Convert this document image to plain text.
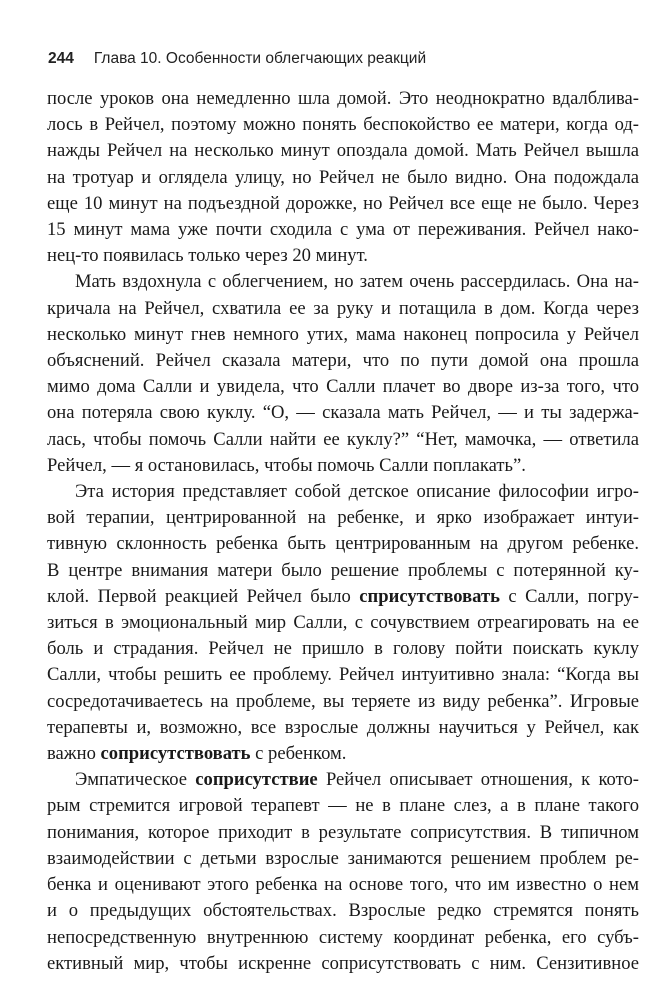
244 Глава 10. Особенности облегчающих реакций
после уроков она немедленно шла домой. Это неоднократно вдалблива-
лось в Рейчел, поэтому можно понять беспокойство ее матери, когда од-
нажды Рейчел на несколько минут опоздала домой. Мать Рейчел вышла
на тротуар и оглядела улицу, но Рейчел не было видно. Она подождала
еще 10 минут на подъездной дорожке, но Рейчел все еще не было. Через
15 минут мама уже почти сходила с ума от переживания. Рейчел нако-
нец-то появилась только через 20 минут.
Мать вздохнула с облегчением, но затем очень рассердилась. Она на-
кричала на Рейчел, схватила ее за руку и потащила в дом. Когда через
несколько минут гнев немного утих, мама наконец попросила у Рейчел
объяснений. Рейчел сказала матери, что по пути домой она прошла
мимо дома Салли и увидела, что Салли плачет во дворе из-за того, что
она потеряла свою куклу. “О, — сказала мать Рейчел, — и ты задержа-
лась, чтобы помочь Салли найти ее куклу?” “Нет, мамочка, — ответила
Рейчел, — я остановилась, чтобы помочь Салли поплакать”.
Эта история представляет собой детское описание философии игро-
вой терапии, центрированной на ребенке, и ярко изображает интуи-
тивную склонность ребенка быть центрированным на другом ребенке.
В центре внимания матери было решение проблемы с потерянной ку-
клой. Первой реакцией Рейчел было сприсутствовать с Салли, погру-
зиться в эмоциональный мир Салли, с сочувствием отреагировать на ее
боль и страдания. Рейчел не пришло в голову пойти поискать куклу
Салли, чтобы решить ее проблему. Рейчел интуитивно знала: “Когда вы
сосредотачиваетесь на проблеме, вы теряете из виду ребенка”. Игровые
терапевты и, возможно, все взрослые должны научиться у Рейчел, как
важно соприсутствовать с ребенком.
Эмпатическое соприсутствие Рейчел описывает отношения, к кото-
рым стремится игровой терапевт — не в плане слез, а в плане такого
понимания, которое приходит в результате соприсутствия. В типичном
взаимодействии с детьми взрослые занимаются решением проблем ре-
бенка и оценивают этого ребенка на основе того, что им известно о нем
и о предыдущих обстоятельствах. Взрослые редко стремятся понять
непосредственную внутреннюю систему координат ребенка, его субъ-
ективный мир, чтобы искренне соприсутствовать с ним. Сензитивное
